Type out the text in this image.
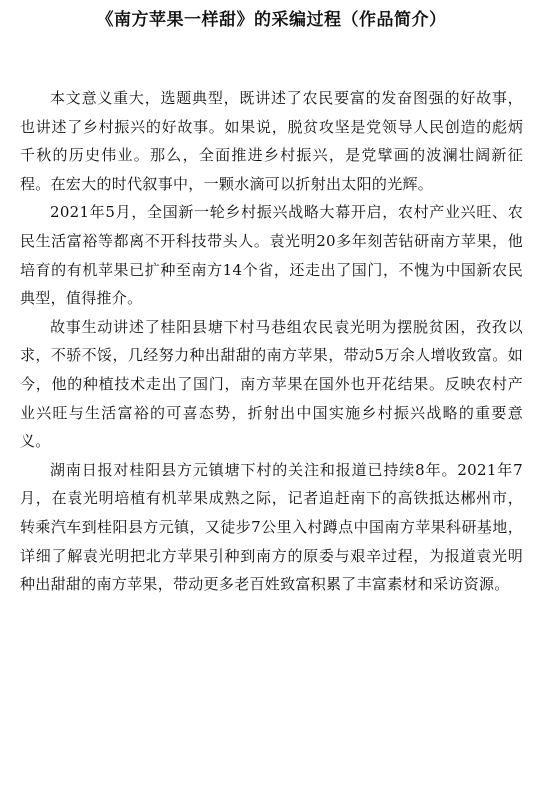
《南方苹果一样甜》的采编过程（作品简介）

本文意义重大，选题典型，既讲述了农民要富的发奋图强的好故事，也讲述了乡村振兴的好故事。如果说，脱贫攻坚是党领导人民创造的彪炳千秋的历史伟业。那么，全面推进乡村振兴，是党擘画的波澜壮阔新征程。在宏大的时代叙事中，一颗水滴可以折射出太阳的光辉。

2021年5月，全国新一轮乡村振兴战略大幕开启，农村产业兴旺、农民生活富裕等都离不开科技带头人。袁光明20多年刻苦钻研南方苹果，他培育的有机苹果已扩种至南方14个省，还走出了国门，不愧为中国新农民典型，值得推介。

故事生动讲述了桂阳县塘下村马巷组农民袁光明为摆脱贫困，孜孜以求，不骄不馁，几经努力种出甜甜的南方苹果，带动5万余人增收致富。如今，他的种植技术走出了国门，南方苹果在国外也开花结果。反映农村产业兴旺与生活富裕的可喜态势，折射出中国实施乡村振兴战略的重要意义。

湖南日报对桂阳县方元镇塘下村的关注和报道已持续8年。2021年7月，在袁光明培植有机苹果成熟之际，记者追赶南下的高铁抵达郴州市，转乘汽车到桂阳县方元镇，又徒步7公里入村蹲点中国南方苹果科研基地，详细了解袁光明把北方苹果引种到南方的原委与艰辛过程，为报道袁光明种出甜甜的南方苹果，带动更多老百姓致富积累了丰富素材和采访资源。
